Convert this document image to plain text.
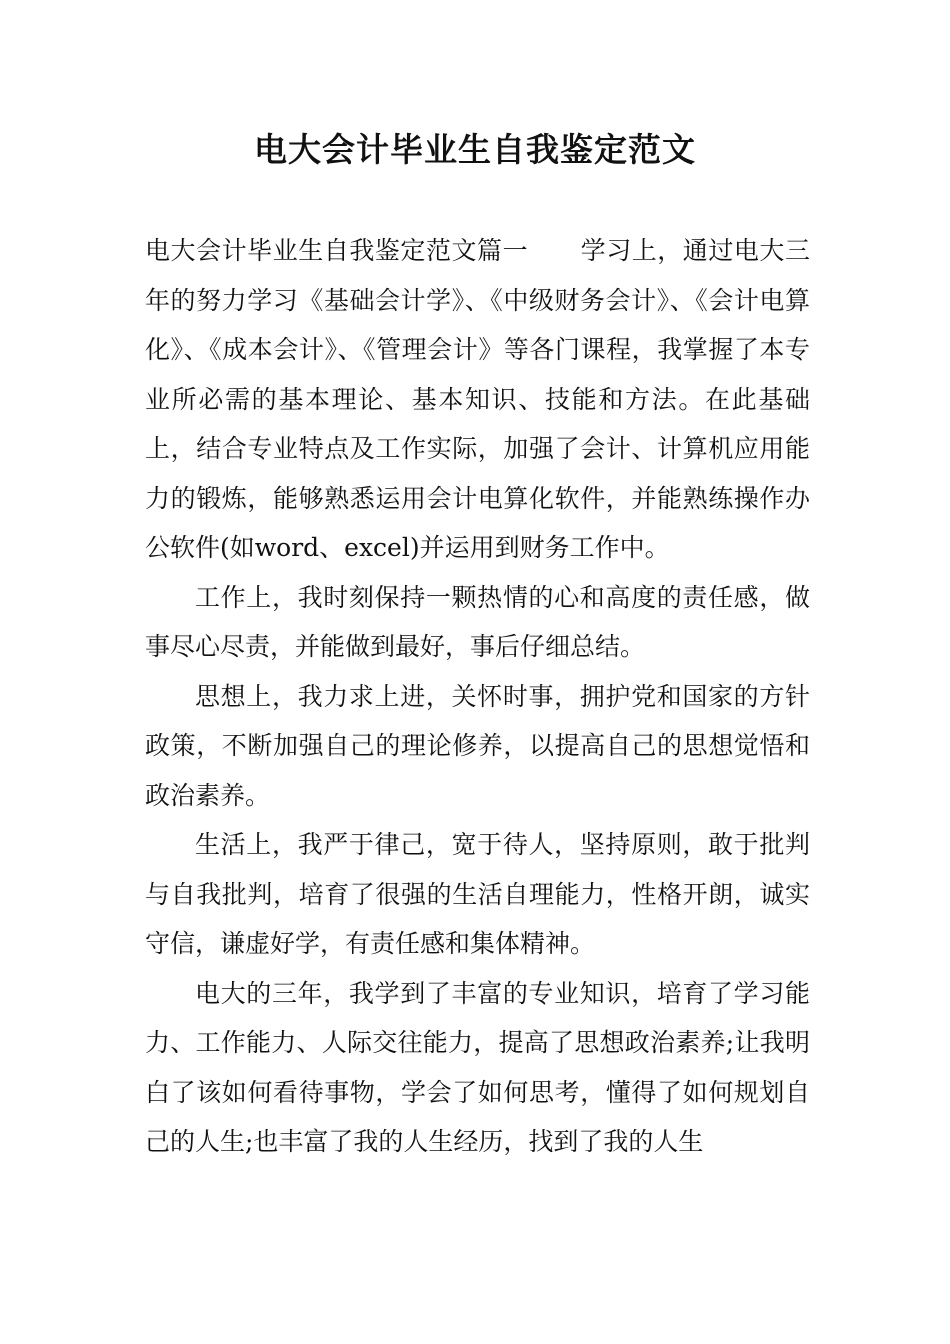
电大会计毕业生自我鉴定范文

电大会计毕业生自我鉴定范文篇一 学习上，通过电大三年的努力学习《基础会计学》、《中级财务会计》、《会计电算化》、《成本会计》、《管理会计》等各门课程，我掌握了本专业所必需的基本理论、基本知识、技能和方法。在此基础上，结合专业特点及工作实际，加强了会计、计算机应用能力的锻炼，能够熟悉运用会计电算化软件，并能熟练操作办公软件(如word、excel)并运用到财务工作中。

工作上，我时刻保持一颗热情的心和高度的责任感，做事尽心尽责，并能做到最好，事后仔细总结。

思想上，我力求上进，关怀时事，拥护党和国家的方针政策，不断加强自己的理论修养，以提高自己的思想觉悟和政治素养。

生活上，我严于律己，宽于待人，坚持原则，敢于批判与自我批判，培育了很强的生活自理能力，性格开朗，诚实守信，谦虚好学，有责任感和集体精神。

电大的三年，我学到了丰富的专业知识，培育了学习能力、工作能力、人际交往能力，提高了思想政治素养;让我明白了该如何看待事物，学会了如何思考，懂得了如何规划自己的人生;也丰富了我的人生经历，找到了我的人生
